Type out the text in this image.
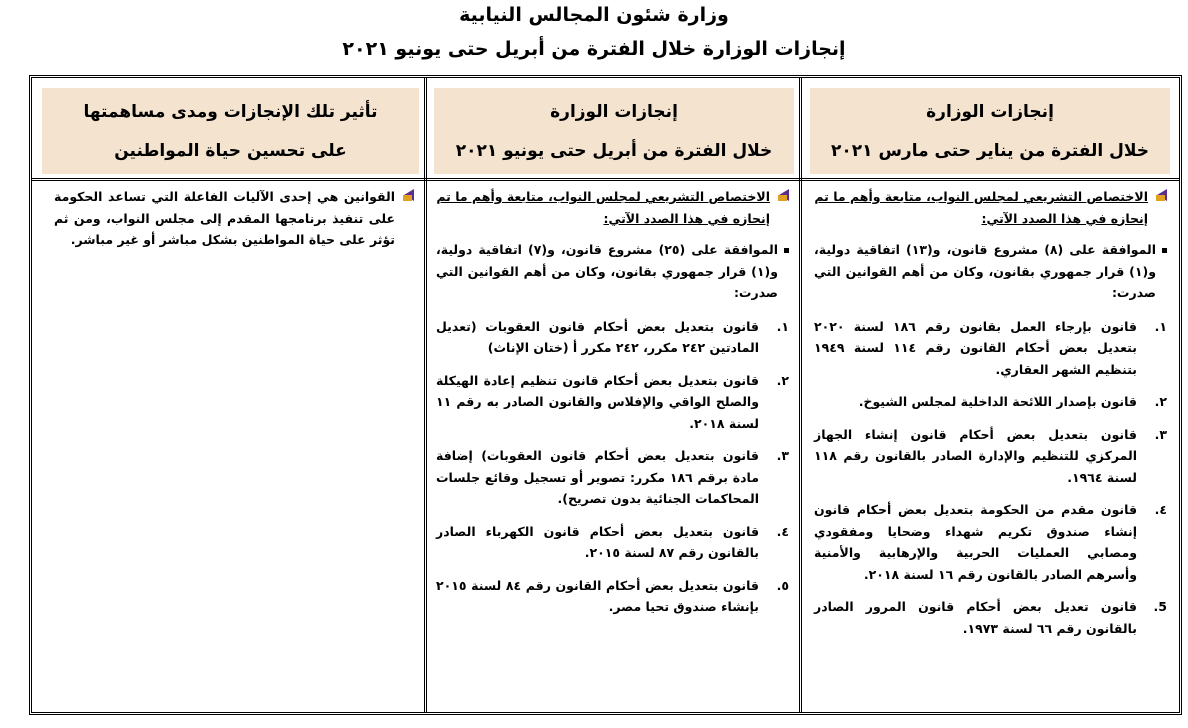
وزارة شئون المجالس النيابية
إنجازات الوزارة خلال الفترة من أبريل حتى يونيو ٢٠٢١
إنجازات الوزارة
خلال الفترة من يناير حتى مارس ٢٠٢١
إنجازات الوزارة
خلال الفترة من أبريل حتى يونيو ٢٠٢١
تأثير تلك الإنجازات ومدى مساهمتها
على تحسين حياة المواطنين
الاختصاص التشريعي لمجلس النواب، متابعة وأهم ما تم إنجازه في هذا الصدد الآتي:
الموافقة على (٨) مشروع قانون، و(١٣) اتفاقية دولية، و(١) قرار جمهوري بقانون، وكان من أهم القوانين التي صدرت:
١.
قانون بإرجاء العمل بقانون رقم ١٨٦ لسنة ٢٠٢٠ بتعديل بعض أحكام القانون رقم ١١٤ لسنة ١٩٤٩ بتنظيم الشهر العقاري.
٢.
قانون بإصدار اللائحة الداخلية لمجلس الشيوخ.
٣.
قانون بتعديل بعض أحكام قانون إنشاء الجهاز المركزي للتنظيم والإدارة الصادر بالقانون رقم ١١٨ لسنة ١٩٦٤.
٤.
قانون مقدم من الحكومة بتعديل بعض أحكام قانون إنشاء صندوق تكريم شهداء وضحايا ومفقودي ومصابي العمليات الحربية والإرهابية والأمنية وأسرهم الصادر بالقانون رقم ١٦ لسنة ٢٠١٨.
5.
قانون تعديل بعض أحكام قانون المرور الصادر بالقانون رقم ٦٦ لسنة ١٩٧٣.
الاختصاص التشريعي لمجلس النواب، متابعة وأهم ما تم إنجازه في هذا الصدد الآتي:
الموافقة على (٢٥) مشروع قانون، و(٧) اتفاقية دولية، و(١) قرار جمهوري بقانون، وكان من أهم القوانين التي صدرت:
١.
قانون بتعديل بعض أحكام قانون العقوبات (تعديل المادتين ٢٤٢ مكرر، ٢٤٢ مكرر أ (ختان الإناث)
٢.
قانون بتعديل بعض أحكام قانون تنظيم إعادة الهيكلة والصلح الواقي والإفلاس والقانون الصادر به رقم ١١ لسنة ٢٠١٨.
٣.
قانون بتعديل بعض أحكام قانون العقوبات) إضافة مادة برقم ١٨٦ مكرر: تصوير أو تسجيل وقائع جلسات المحاكمات الجنائية بدون تصريح).
٤.
قانون بتعديل بعض أحكام قانون الكهرباء الصادر بالقانون رقم ٨٧ لسنة ٢٠١٥.
٥.
قانون بتعديل بعض أحكام القانون رقم ٨٤ لسنة ٢٠١٥ بإنشاء صندوق تحيا مصر.
القوانين هي إحدى الآليات الفاعلة التي تساعد الحكومة على تنفيذ برنامجها المقدم إلى مجلس النواب، ومن ثم تؤثر على حياة المواطنين بشكل مباشر أو غير مباشر.
